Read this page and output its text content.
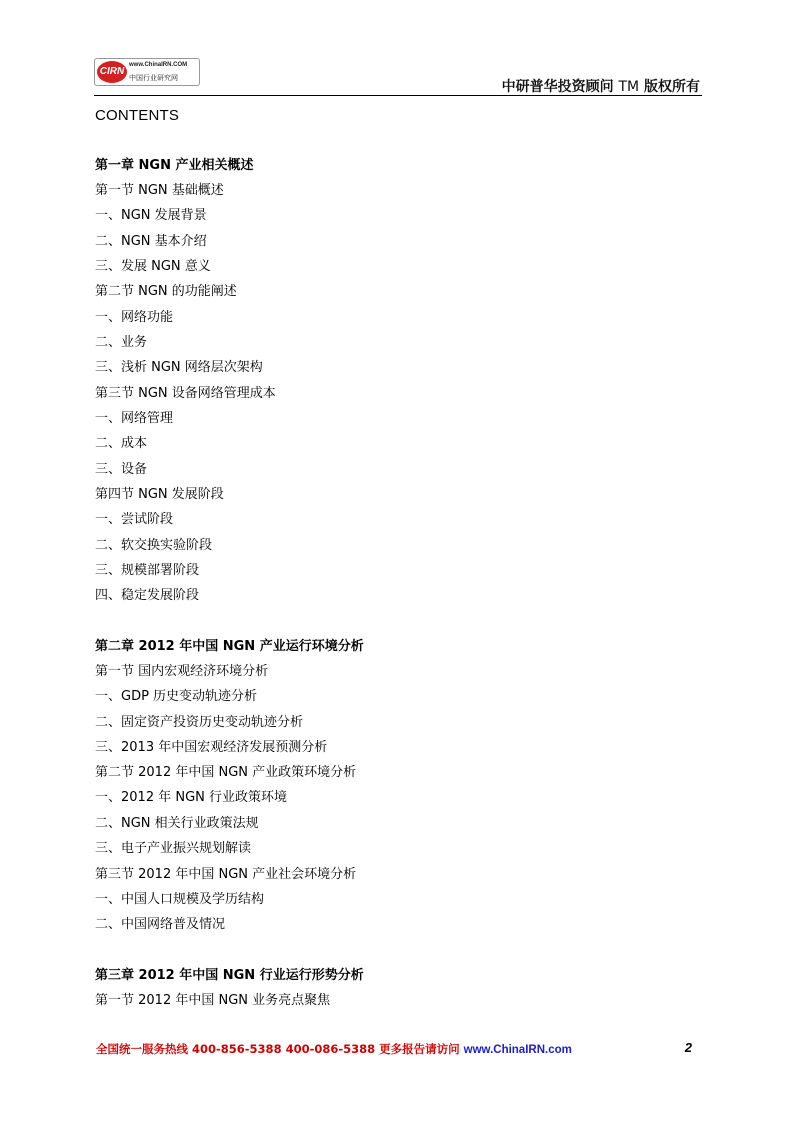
CIRN
www.ChinaIRN.COM
中国行业研究网
中研普华投资顾问 TM 版权所有
CONTENTS
第一章 NGN 产业相关概述
第一节 NGN 基础概述
一、NGN 发展背景
二、NGN 基本介绍
三、发展 NGN 意义
第二节 NGN 的功能阐述
一、网络功能
二、业务
三、浅析 NGN 网络层次架构
第三节 NGN 设备网络管理成本
一、网络管理
二、成本
三、设备
第四节 NGN 发展阶段
一、尝试阶段
二、软交换实验阶段
三、规模部署阶段
四、稳定发展阶段
第二章 2012 年中国 NGN 产业运行环境分析
第一节 国内宏观经济环境分析
一、GDP 历史变动轨迹分析
二、固定资产投资历史变动轨迹分析
三、2013 年中国宏观经济发展预测分析
第二节 2012 年中国 NGN 产业政策环境分析
一、2012 年 NGN 行业政策环境
二、NGN 相关行业政策法规
三、电子产业振兴规划解读
第三节 2012 年中国 NGN 产业社会环境分析
一、中国人口规模及学历结构
二、中国网络普及情况
第三章 2012 年中国 NGN 行业运行形势分析
第一节 2012 年中国 NGN 业务亮点聚焦
全国统一服务热线 400-856-5388 400-086-5388 更多报告请访问 www.ChinaIRN.com	2
